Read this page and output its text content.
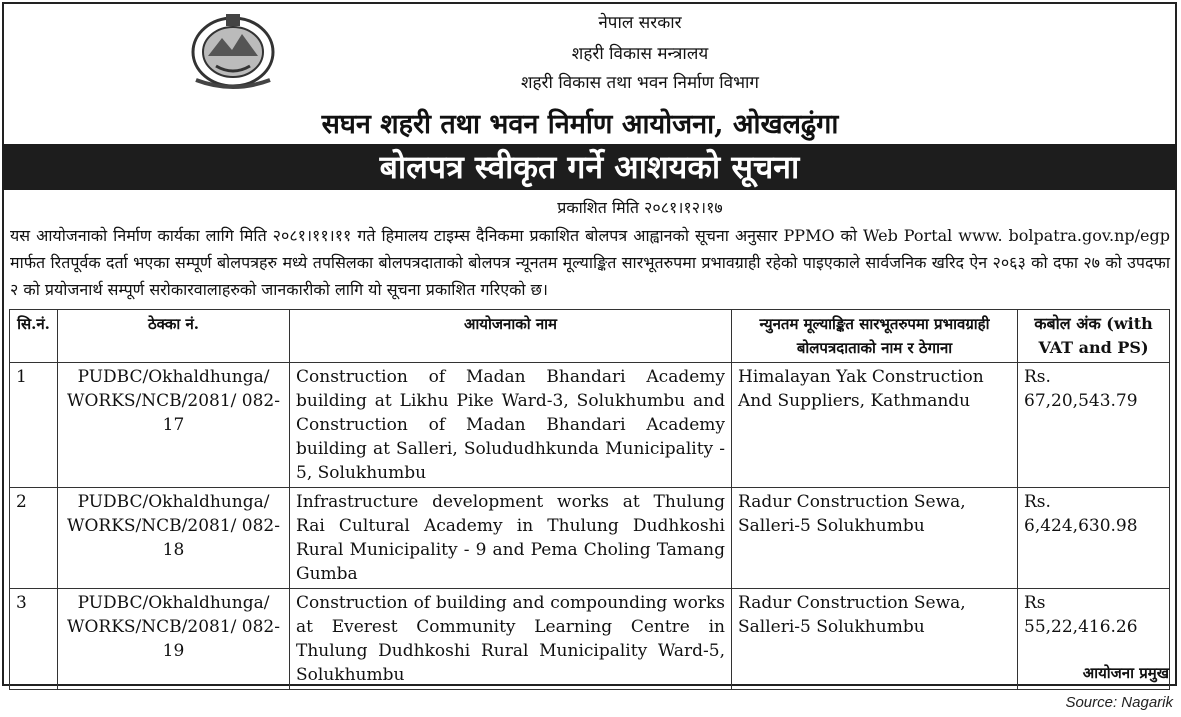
नेपाल सरकार
शहरी विकास मन्त्रालय
शहरी विकास तथा भवन निर्माण विभाग
सघन शहरी तथा भवन निर्माण आयोजना, ओखलढुंगा
बोलपत्र स्वीकृत गर्ने आशयको सूचना
प्रकाशित मिति २०८१।१२।१७
यस आयोजनाको निर्माण कार्यका लागि मिति २०८१।११।११ गते हिमालय टाइम्स दैनिकमा प्रकाशित बोलपत्र आह्वानको सूचना अनुसार PPMO को Web Portal www. bolpatra.gov.np/egp मार्फत रितपूर्वक दर्ता भएका सम्पूर्ण बोलपत्रहरु मध्ये तपसिलका बोलपत्रदाताको बोलपत्र न्यूनतम मूल्याङ्कित सारभूतरुपमा प्रभावग्राही रहेको पाइएकाले सार्वजनिक खरिद ऐन २०६३ को दफा २७ को उपदफा २ को प्रयोजनार्थ सम्पूर्ण सरोकारवालाहरुको जानकारीको लागि यो सूचना प्रकाशित गरिएको छ।
सि.नं.	ठेक्का नं.	आयोजनाको नाम	न्युनतम मूल्याङ्कित सारभूतरुपमा प्रभावग्राही बोलपत्रदाताको नाम र ठेगाना	कबोल अंक (with VAT and PS)
1	PUDBC/Okhaldhunga/ WORKS/NCB/2081/ 082-17	Construction of Madan Bhandari Academy building at Likhu Pike Ward-3, Solukhumbu and Construction of Madan Bhandari Academy building at Salleri, Solududhkunda Municipality - 5, Solukhumbu	Himalayan Yak Construction And Suppliers, Kathmandu	Rs. 67,20,543.79
2	PUDBC/Okhaldhunga/ WORKS/NCB/2081/ 082-18	Infrastructure development works at Thulung Rai Cultural Academy in Thulung Dudhkoshi Rural Municipality - 9 and Pema Choling Tamang Gumba	Radur Construction Sewa, Salleri-5 Solukhumbu	Rs. 6,424,630.98
3	PUDBC/Okhaldhunga/ WORKS/NCB/2081/ 082-19	Construction of building and compounding works at Everest Community Learning Centre in Thulung Dudhkoshi Rural Municipality Ward-5, Solukhumbu	Radur Construction Sewa, Salleri-5 Solukhumbu	Rs 55,22,416.26
आयोजना प्रमुख
Source: Nagarik
